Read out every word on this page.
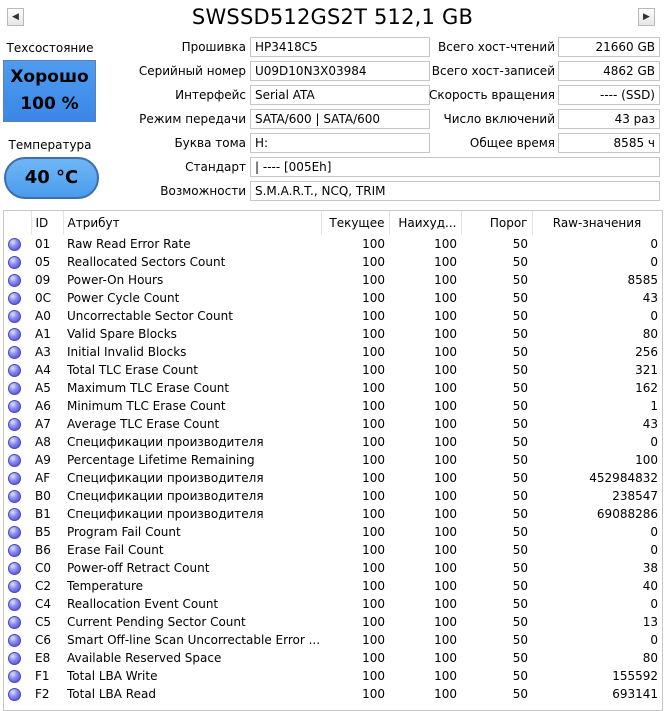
◀	SWSSD512GS2T 512,1 GB	▶
Техсостояние
Хорошо
100 %
Температура
40 °C
Прошивка HP3418C5
Серийный номер U09D10N3X03984
Интерфейс Serial ATA
Режим передачи SATA/600 | SATA/600
Буква тома H:
Всего хост-чтений	21660 GB
Всего хост-записей	4862 GB
Скорость вращения	---- (SSD)
Число включений	43 раз
Общее время	8585 ч
Стандарт | ---- [005Eh]
Возможности S.M.A.R.T., NCQ, TRIM
	ID	Атрибут	Текущее	Наихуд...	Порог	Raw-значения
	01	Raw Read Error Rate	100	100	50	0
	05	Reallocated Sectors Count	100	100	50	0
	09	Power-On Hours	100	100	50	8585
	0C	Power Cycle Count	100	100	50	43
	A0	Uncorrectable Sector Count	100	100	50	0
	A1	Valid Spare Blocks	100	100	50	80
	A3	Initial Invalid Blocks	100	100	50	256
	A4	Total TLC Erase Count	100	100	50	321
	A5	Maximum TLC Erase Count	100	100	50	162
	A6	Minimum TLC Erase Count	100	100	50	1
	A7	Average TLC Erase Count	100	100	50	43
	A8	Спецификации производителя	100	100	50	0
	A9	Percentage Lifetime Remaining	100	100	50	100
	AF	Спецификации производителя	100	100	50	452984832
	B0	Спецификации производителя	100	100	50	238547
	B1	Спецификации производителя	100	100	50	69088286
	B5	Program Fail Count	100	100	50	0
	B6	Erase Fail Count	100	100	50	0
	C0	Power-off Retract Count	100	100	50	38
	C2	Temperature	100	100	50	40
	C4	Reallocation Event Count	100	100	50	0
	C5	Current Pending Sector Count	100	100	50	13
	C6	Smart Off-line Scan Uncorrectable Error ...	100	100	50	0
	E8	Available Reserved Space	100	100	50	80
	F1	Total LBA Write	100	100	50	155592
	F2	Total LBA Read	100	100	50	693141
